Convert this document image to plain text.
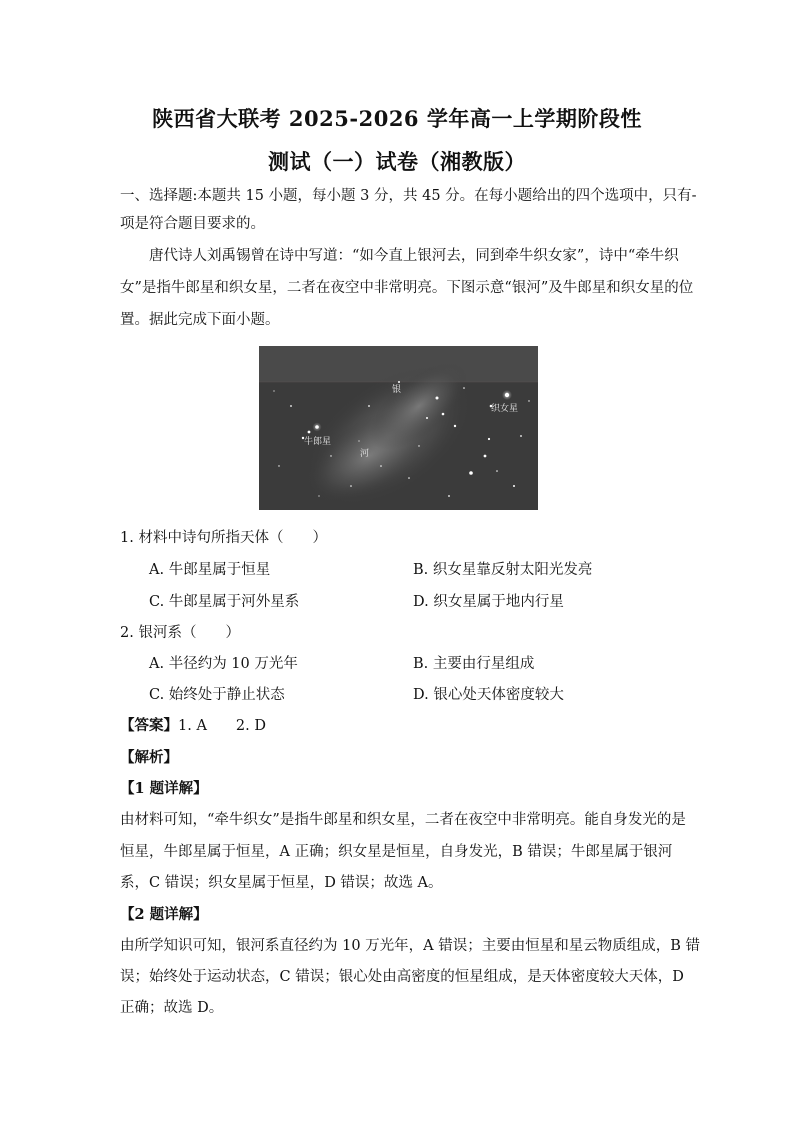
陕西省大联考 2025-2026 学年高一上学期阶段性
测试（一）试卷（湘教版）
一、选择题:本题共 15 小题，每小题 3 分，共 45 分。在每小题给出的四个选项中，只有-
项是符合题目要求的。
唐代诗人刘禹锡曾在诗中写道：“如今直上银河去，同到牵牛织女家”，诗中“牵牛织
女”是指牛郎星和织女星，二者在夜空中非常明亮。下图示意“银河”及牛郎星和织女星的位
置。据此完成下面小题。
银
河
牛郎星
织女星
1. 材料中诗句所指天体（　　）
A. 牛郎星属于恒星	B. 织女星靠反射太阳光发亮
C. 牛郎星属于河外星系	D. 织女星属于地内行星
2. 银河系（　　）
A. 半径约为 10 万光年	B. 主要由行星组成
C. 始终处于静止状态	D. 银心处天体密度较大
【答案】1. A　　2. D
【解析】
【1 题详解】
由材料可知，“牵牛织女”是指牛郎星和织女星，二者在夜空中非常明亮。能自身发光的是
恒星，牛郎星属于恒星，A 正确；织女星是恒星，自身发光，B 错误；牛郎星属于银河
系，C 错误；织女星属于恒星，D 错误；故选 A。
【2 题详解】
由所学知识可知，银河系直径约为 10 万光年，A 错误；主要由恒星和星云物质组成，B 错
误；始终处于运动状态，C 错误；银心处由高密度的恒星组成，是天体密度较大天体，D
正确；故选 D。
